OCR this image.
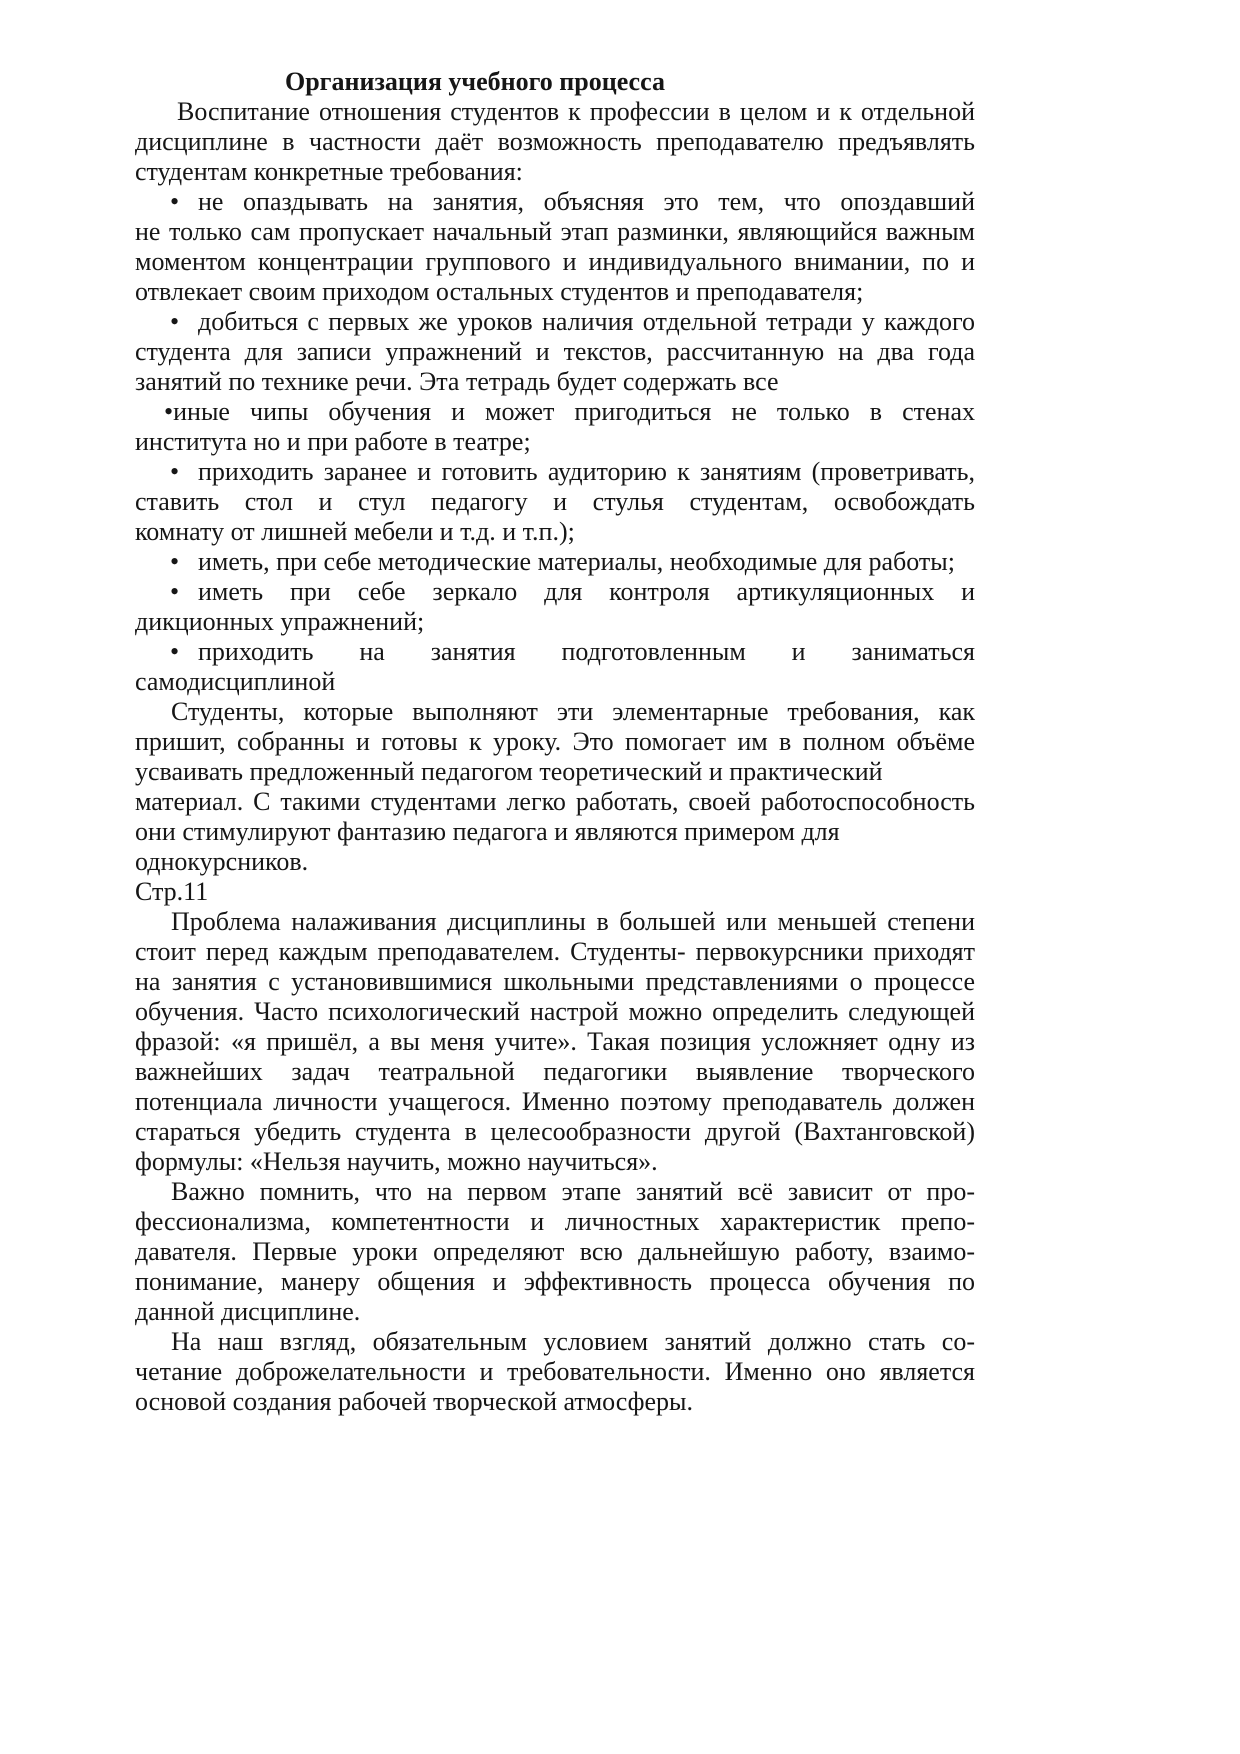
Организация учебного процесса
Воспитание отношения студентов к профессии в целом и к отдельной
дисциплине в частности даёт возможность преподавателю предъявлять
студентам конкретные требования:
• не опаздывать на занятия, объясняя это тем, что опоздавший
не только сам пропускает начальный этап разминки, являющийся важным
моментом концентрации группового и индивидуального внимании, по и
отвлекает своим приходом остальных студентов и преподавателя;
• добиться с первых же уроков наличия отдельной тетради у каждого
студента для записи упражнений и текстов, рассчитанную на два года
занятий по технике речи. Эта тетрадь будет содержать все
•иные чипы обучения и может пригодиться не только в стенах
института но и при работе в театре;
• приходить заранее и готовить аудиторию к занятиям (проветривать,
ставить стол и стул педагогу и стулья студентам, освобождать
комнату от лишней мебели и т.д. и т.п.);
• иметь, при себе методические материалы, необходимые для работы;
• иметь при себе зеркало для контроля артикуляционных и
дикционных упражнений;
• приходить на занятия подготовленным и заниматься
самодисциплиной
Студенты, которые выполняют эти элементарные требования, как
пришит, собранны и готовы к уроку. Это помогает им в полном объёме
усваивать предложенный педагогом теоретический и практический
материал. С такими студентами легко работать, своей работоспособность
они стимулируют фантазию педагога и являются примером для
однокурсников.
Стр.11
Проблема налаживания дисциплины в большей или меньшей степени
стоит перед каждым преподавателем. Студенты- первокурсники приходят
на занятия с установившимися школьными представлениями о процессе
обучения. Часто психологический настрой можно определить следующей
фразой: «я пришёл, а вы меня учите». Такая позиция усложняет одну из
важнейших задач театральной педагогики выявление творческого
потенциала личности учащегося. Именно поэтому преподаватель должен
стараться убедить студента в целесообразности другой (Вахтанговской)
формулы: «Нельзя научить, можно научиться».
Важно помнить, что на первом этапе занятий всё зависит от про-
фессионализма, компетентности и личностных характеристик препо-
давателя. Первые уроки определяют всю дальнейшую работу, взаимо-
понимание, манеру общения и эффективность процесса обучения по
данной дисциплине.
На наш взгляд, обязательным условием занятий должно стать со-
четание доброжелательности и требовательности. Именно оно является
основой создания рабочей творческой атмосферы.
